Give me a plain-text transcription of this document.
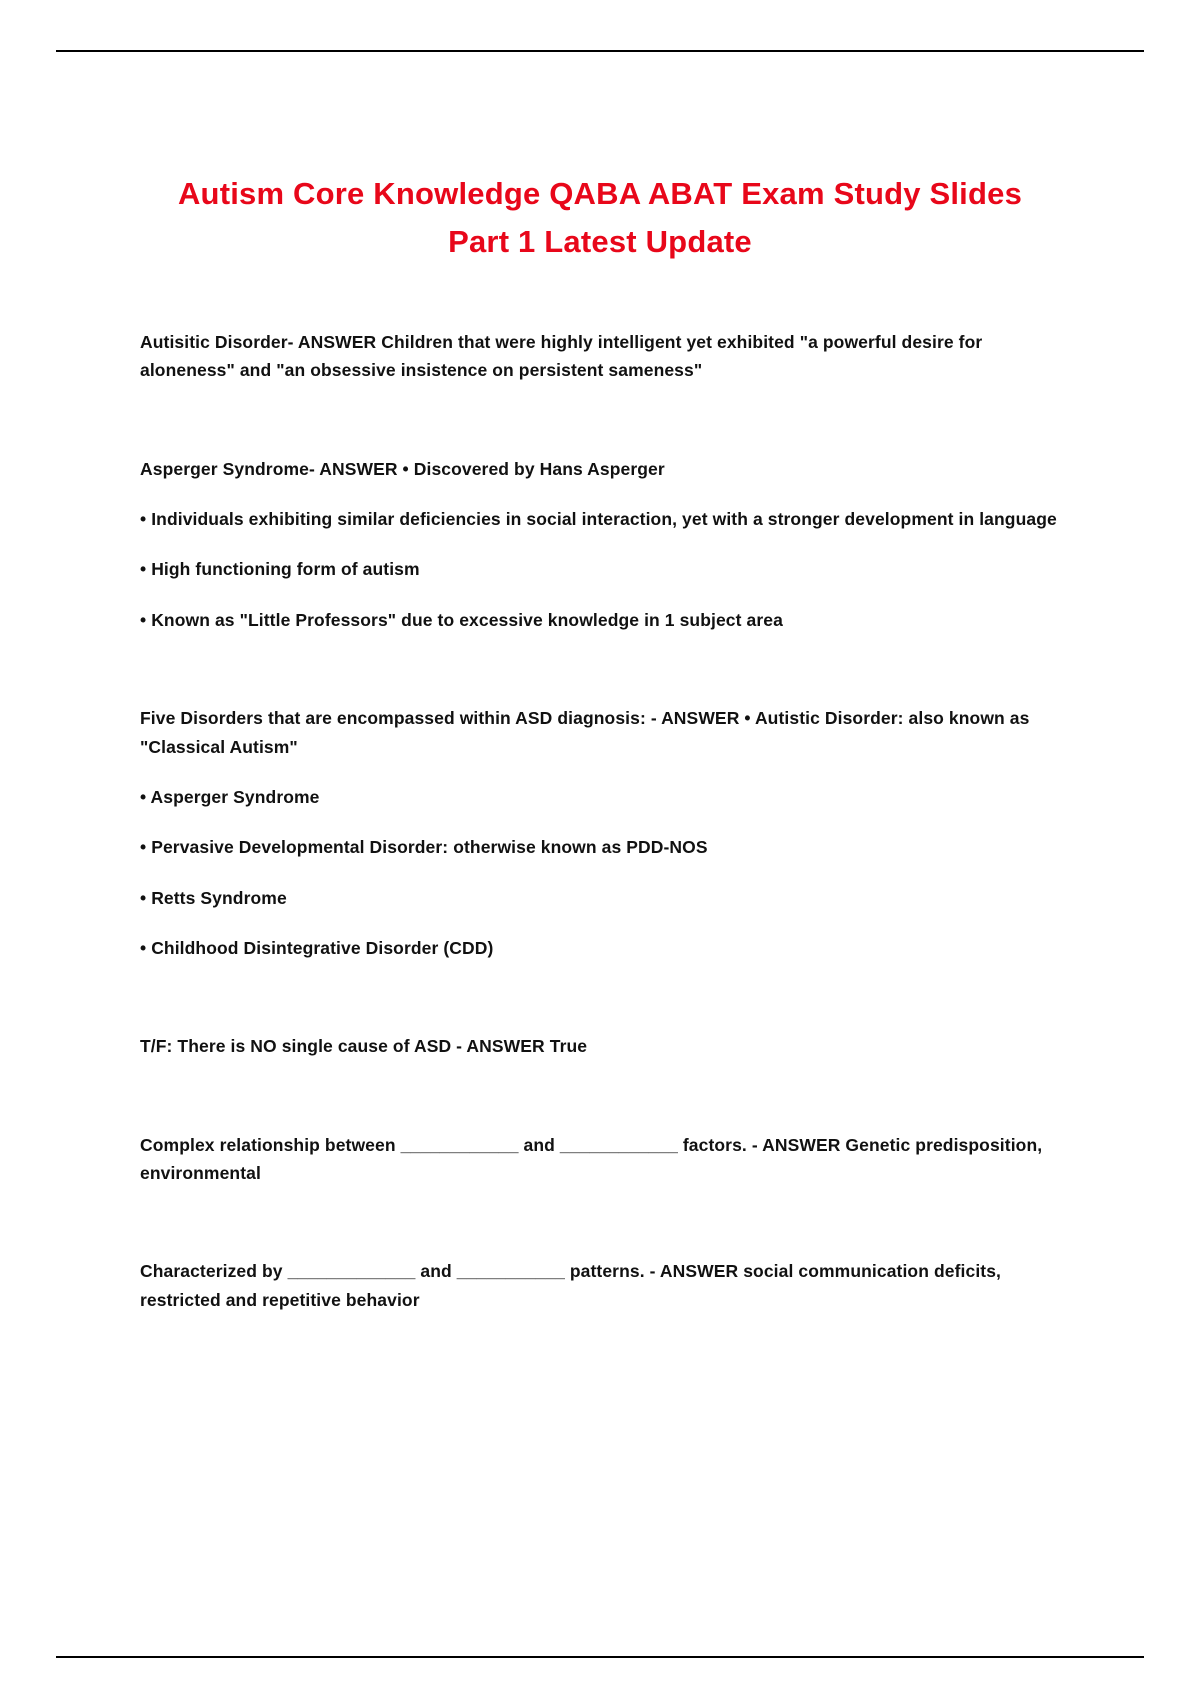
Autism Core Knowledge QABA ABAT Exam Study Slides Part 1 Latest Update

Autisitic Disorder- ANSWER Children that were highly intelligent yet exhibited "a powerful desire for aloneness" and "an obsessive insistence on persistent sameness"

Asperger Syndrome- ANSWER • Discovered by Hans Asperger

• Individuals exhibiting similar deficiencies in social interaction, yet with a stronger development in language

• High functioning form of autism

• Known as "Little Professors" due to excessive knowledge in 1 subject area

Five Disorders that are encompassed within ASD diagnosis: - ANSWER • Autistic Disorder: also known as "Classical Autism"

• Asperger Syndrome

• Pervasive Developmental Disorder: otherwise known as PDD-NOS

• Retts Syndrome

• Childhood Disintegrative Disorder (CDD)

T/F: There is NO single cause of ASD - ANSWER True

Complex relationship between ____________ and ____________ factors. - ANSWER Genetic predisposition, environmental

Characterized by _____________ and ___________ patterns. - ANSWER social communication deficits, restricted and repetitive behavior
